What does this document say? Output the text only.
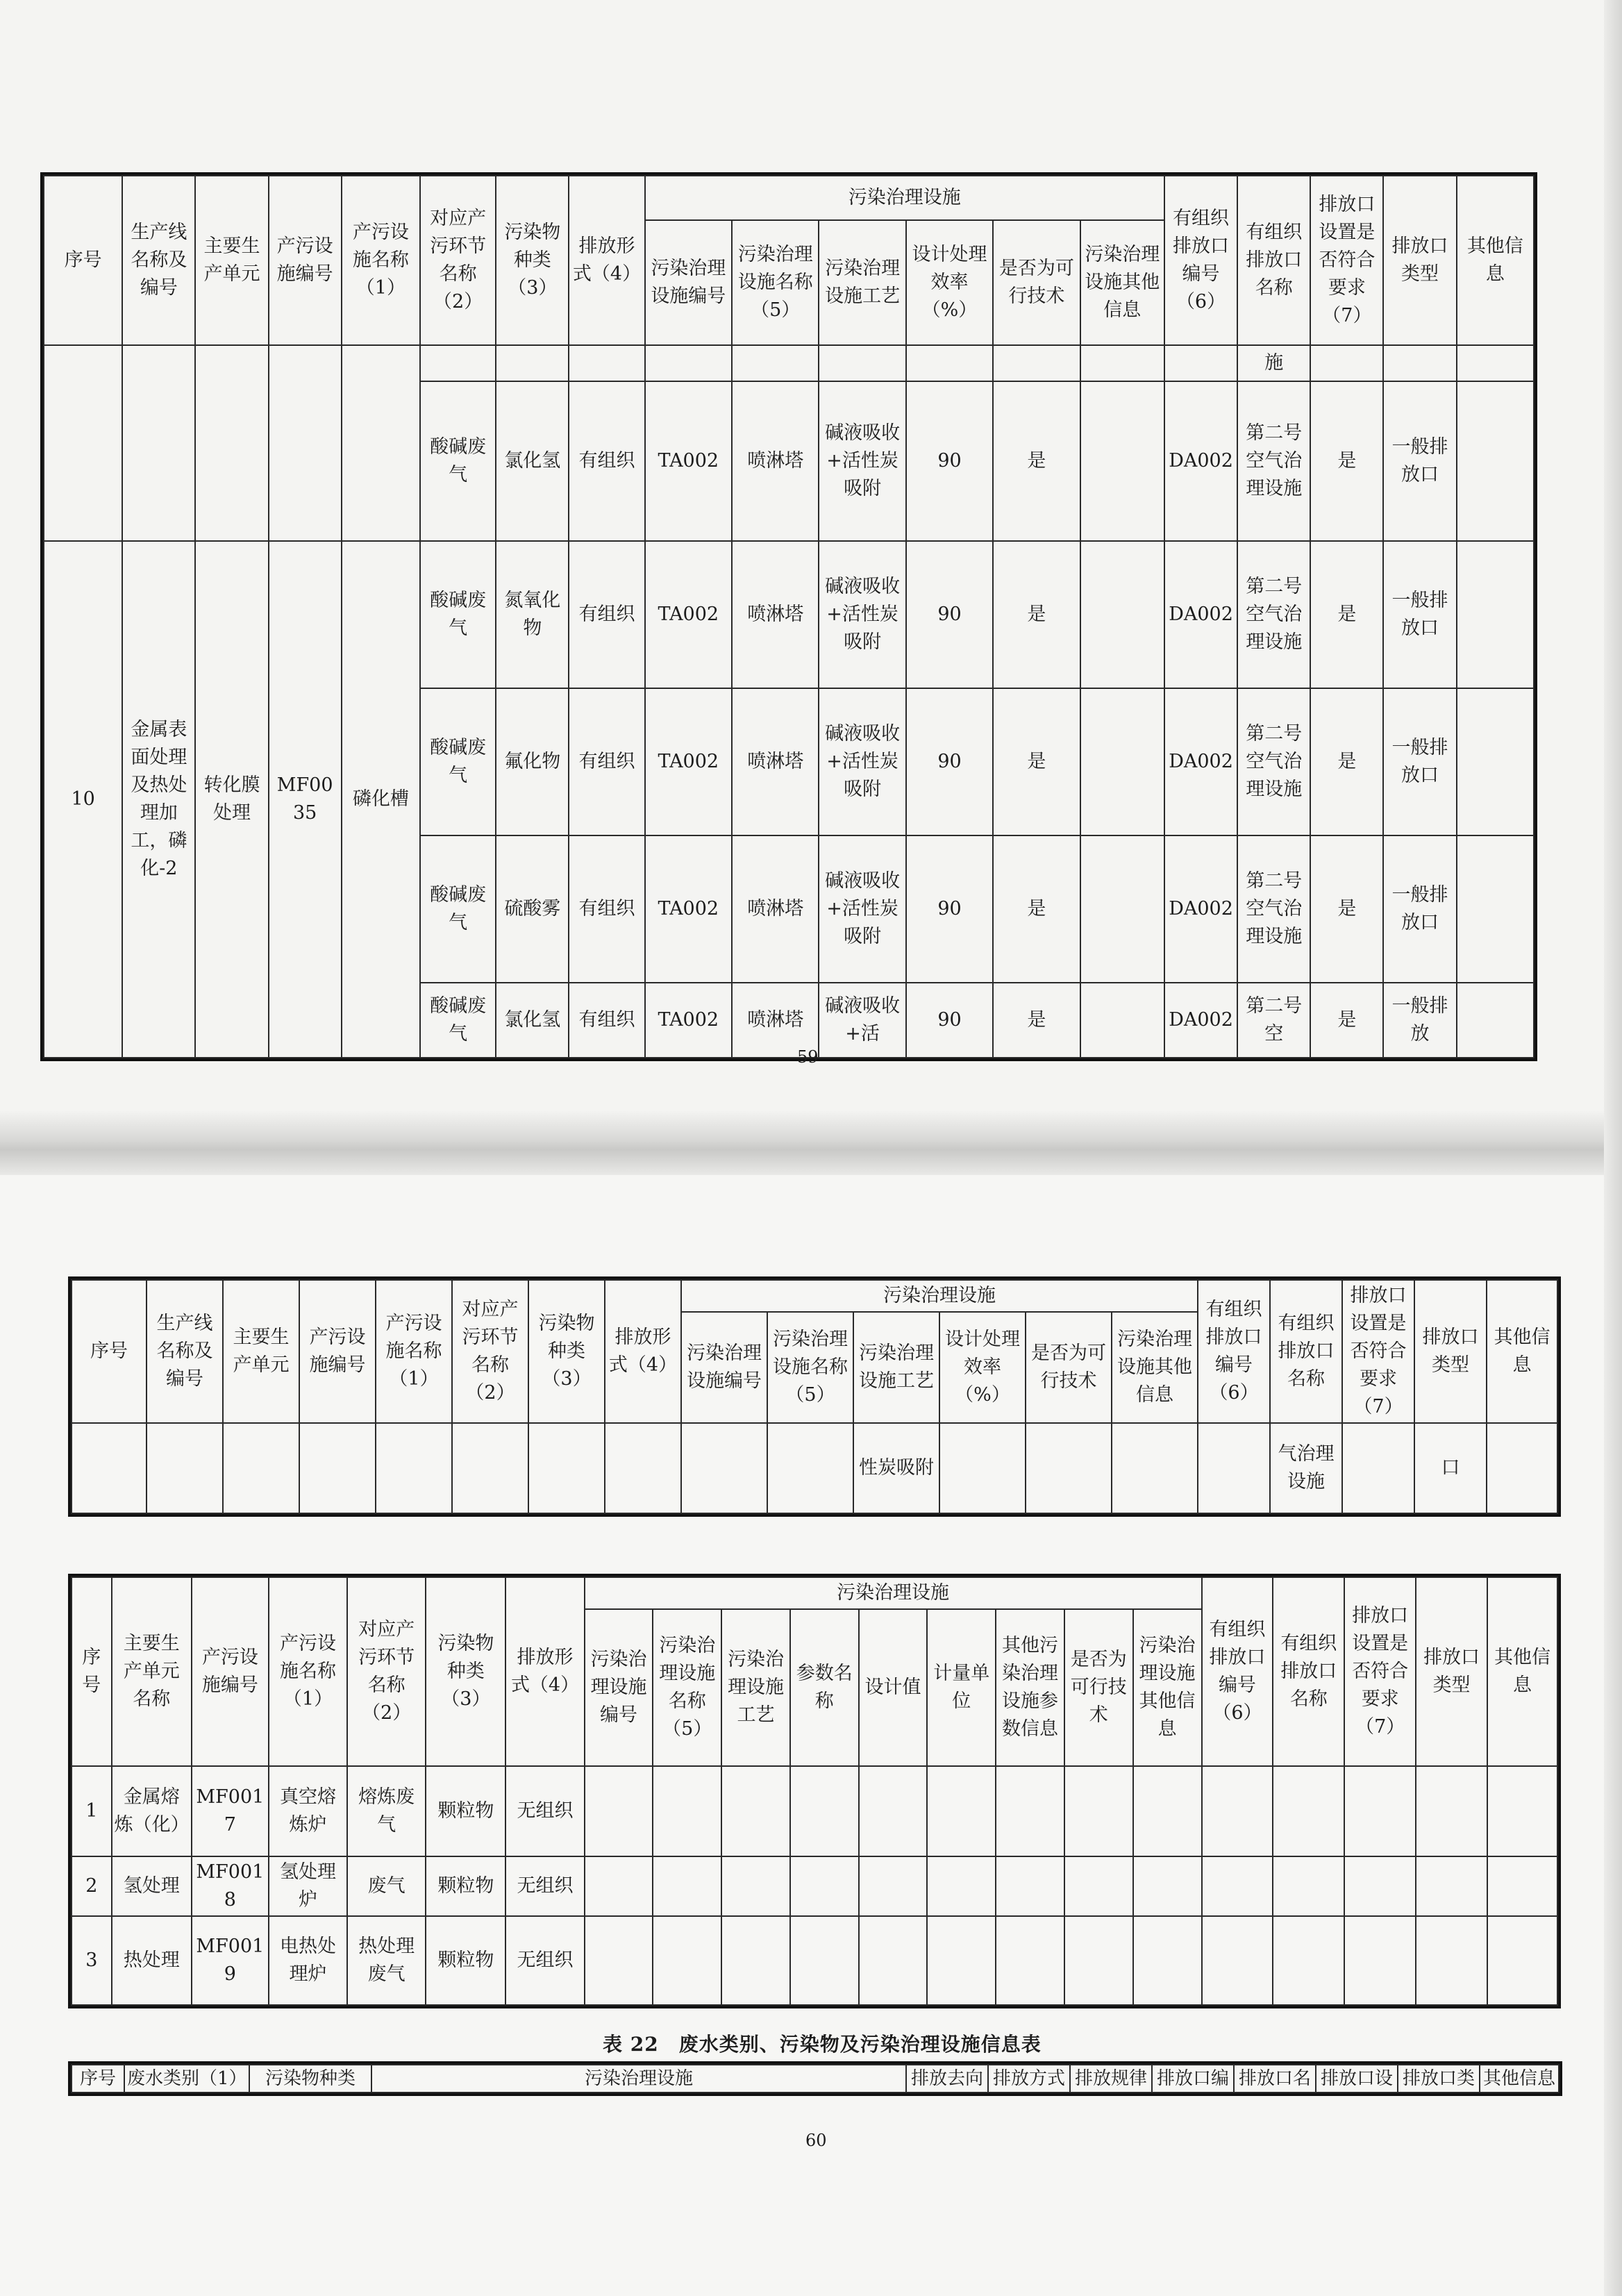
序号	生产线名称及编号	主要生产单元	产污设施编号	产污设施名称（1）	对应产污环节名称（2）	污染物种类（3）	排放形式（4）	污染治理设施						有组织排放口编号（6）	有组织排放口名称	排放口设置是否符合要求（7）	排放口类型	其他信息
								污染治理设施编号	污染治理设施名称（5）	污染治理设施工艺	设计处理效率（%）	是否为可行技术	污染治理设施其他信息					
															施			
					酸碱废气	氯化氢	有组织	TA002	喷淋塔	碱液吸收+活性炭吸附	90	是		DA002	第二号空气治理设施	是	一般排放口	
10	金属表面处理及热处理加工，磷化-2	转化膜处理	MF0035	磷化槽	酸碱废气	氮氧化物	有组织	TA002	喷淋塔	碱液吸收+活性炭吸附	90	是		DA002	第二号空气治理设施	是	一般排放口	
					酸碱废气	氟化物	有组织	TA002	喷淋塔	碱液吸收+活性炭吸附	90	是		DA002	第二号空气治理设施	是	一般排放口	
					酸碱废气	硫酸雾	有组织	TA002	喷淋塔	碱液吸收+活性炭吸附	90	是		DA002	第二号空气治理设施	是	一般排放口	
					酸碱废气	氯化氢	有组织	TA002	喷淋塔	碱液吸收+活	90	是		DA002	第二号空	是	一般排放	
59
序号	生产线名称及编号	主要生产单元	产污设施编号	产污设施名称（1）	对应产污环节名称（2）	污染物种类（3）	排放形式（4）	污染治理设施						有组织排放口编号（6）	有组织排放口名称	排放口设置是否符合要求（7）	排放口类型	其他信息
								污染治理设施编号	污染治理设施名称（5）	污染治理设施工艺	设计处理效率（%）	是否为可行技术	污染治理设施其他信息					
										性炭吸附					气治理设施		口	
序号	主要生产单元名称	产污设施编号	产污设施名称（1）	对应产污环节名称（2）	污染物种类（3）	排放形式（4）	污染治理设施									有组织排放口编号（6）	有组织排放口名称	排放口设置是否符合要求（7）	排放口类型	其他信息
							污染治理设施编号	污染治理设施名称（5）	污染治理设施工艺	参数名称	设计值	计量单位	其他污染治理设施参数信息	是否为可行技术	污染治理设施其他信息					
1	金属熔炼（化）	MF0017	真空熔炼炉	熔炼废气	颗粒物	无组织														
2	氢处理	MF0018	氢处理炉	废气	颗粒物	无组织														
3	热处理	MF0019	电热处理炉	热处理废气	颗粒物	无组织														
表 22　废水类别、污染物及污染治理设施信息表
序号	废水类别（1）	污染物种类	污染治理设施	排放去向	排放方式	排放规律	排放口编	排放口名	排放口设	排放口类	其他信息
60
